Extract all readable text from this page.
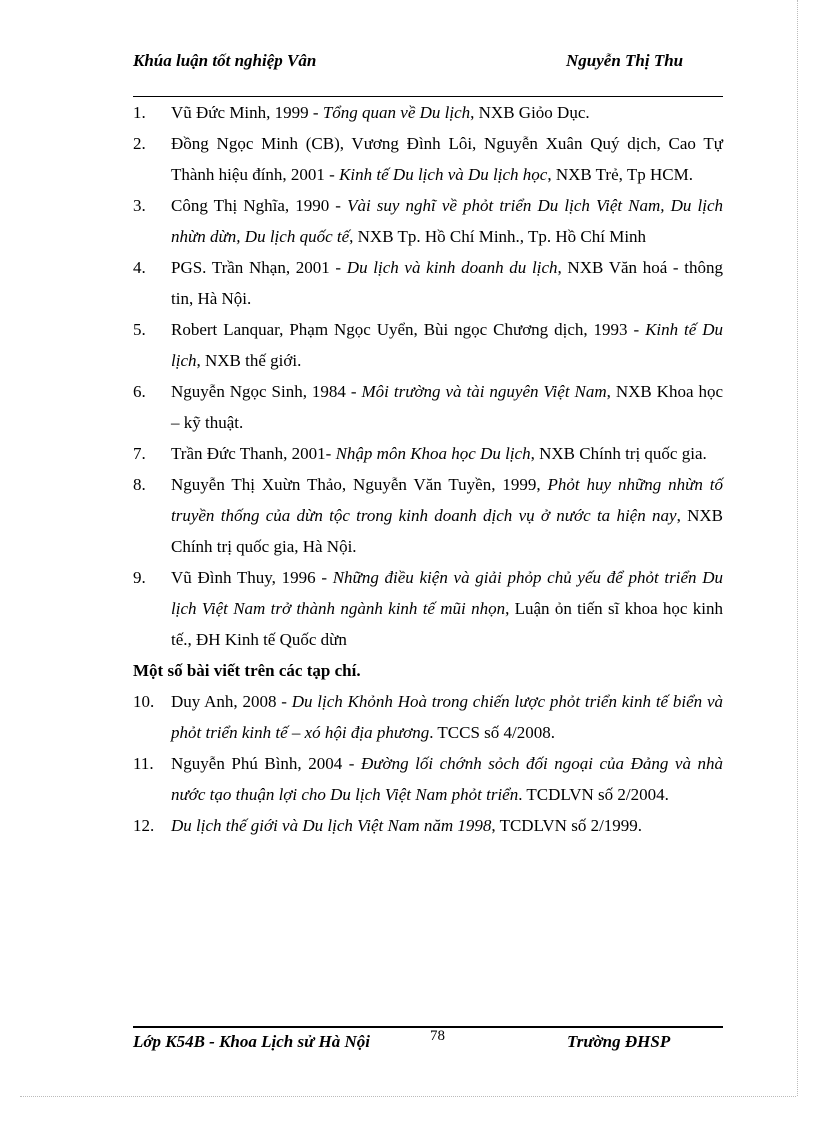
Khúa luận tốt nghiệp Vân	Nguyễn Thị Thu
1.	Vũ Đức Minh, 1999 - Tổng quan về Du lịch, NXB Giỏo Dục.
2.	Đồng Ngọc Minh (CB), Vương Đình Lôi, Nguyễn Xuân Quý dịch, Cao Tự Thành hiệu đính, 2001 - Kinh tế Du lịch và Du lịch học, NXB Trẻ, Tp HCM.
3.	Công Thị Nghĩa, 1990 - Vài suy nghĩ về phỏt triển Du lịch Việt Nam, Du lịch nhừn dừn, Du lịch quốc tế, NXB Tp. Hồ Chí Minh., Tp. Hồ Chí Minh
4.	PGS. Trần Nhạn, 2001 - Du lịch và kinh doanh du lịch, NXB Văn hoá - thông tin, Hà Nội.
5.	Robert Lanquar, Phạm Ngọc Uyển, Bùi ngọc Chương dịch, 1993 - Kinh tế Du lịch, NXB thế giới.
6.	Nguyễn Ngọc Sinh, 1984 - Môi trường và tài nguyên Việt Nam, NXB Khoa học – kỹ thuật.
7.	Trần Đức Thanh, 2001- Nhập môn Khoa học Du lịch, NXB Chính trị quốc gia.
8.	Nguyễn Thị Xuừn Thảo, Nguyễn Văn Tuyền, 1999, Phỏt huy những nhừn tố truyền thống của dừn tộc trong kinh doanh dịch vụ ở nước ta hiện nay, NXB Chính trị quốc gia, Hà Nội.
9.	Vũ Đình Thuy, 1996 - Những điều kiện và giải phỏp chủ yếu để phỏt triển Du lịch Việt Nam trở thành ngành kinh tế mũi nhọn, Luận ỏn tiến sĩ khoa học kinh tế., ĐH Kinh tế Quốc dừn
Một số bài viết trên các tạp chí.
10. Duy Anh, 2008 - Du lịch Khỏnh Hoà trong chiến lược phỏt triển kinh tế biển và phỏt triển kinh tế – xó hội địa phương. TCCS số 4/2008.
11.	Nguyễn Phú Bình, 2004 - Đường lối chớnh sỏch đối ngoại của Đảng và nhà nước tạo thuận lợi cho Du lịch Việt Nam phỏt triển. TCDLVN số 2/2004.
12. Du lịch thế giới và Du lịch Việt Nam năm 1998, TCDLVN số 2/1999.
Lớp K54B - Khoa Lịch sử Hà Nội	78	Trường ĐHSP
